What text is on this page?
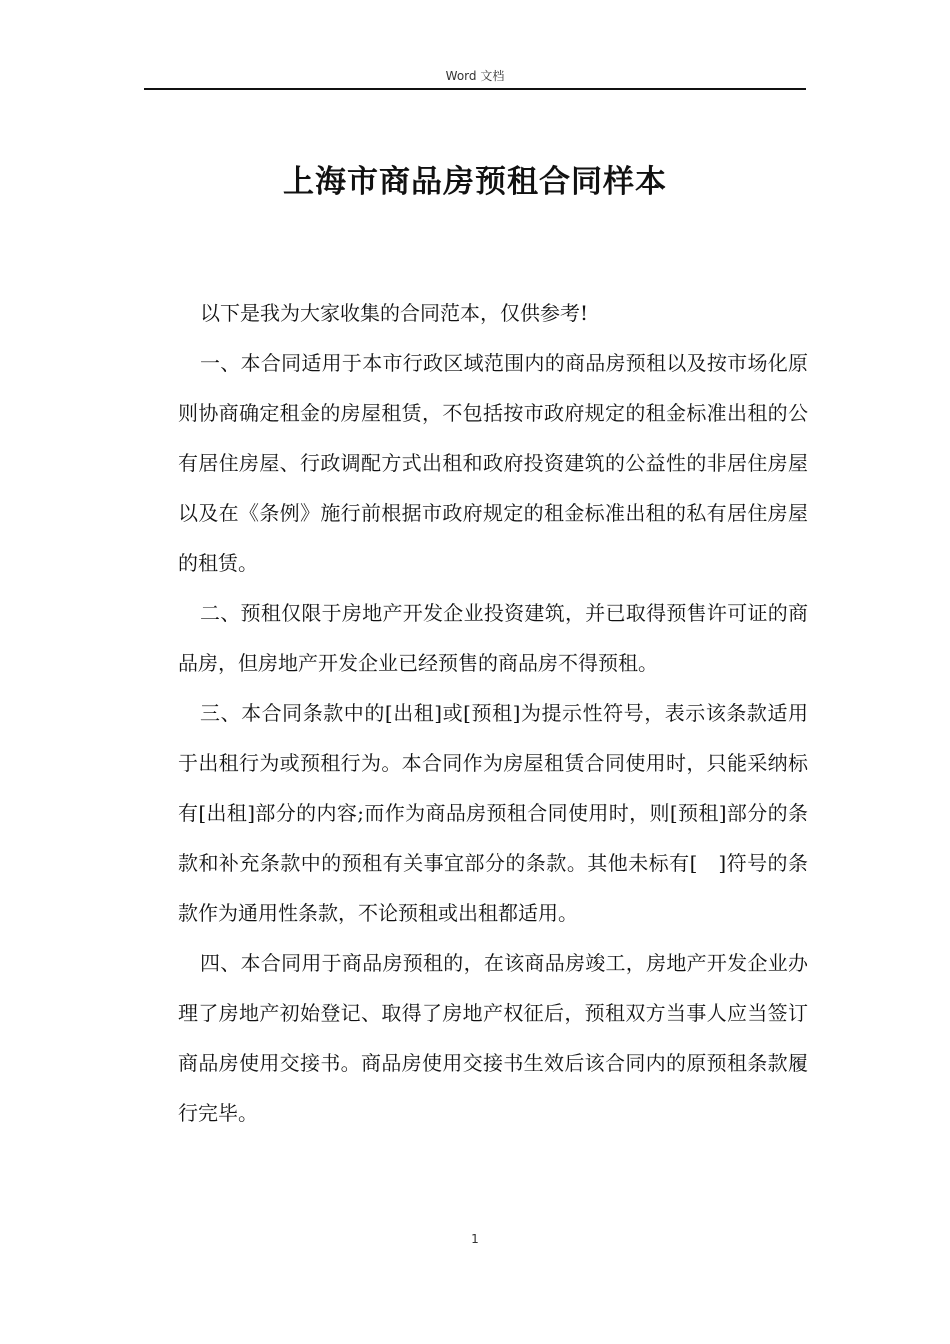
Word 文档
上海市商品房预租合同样本

以下是我为大家收集的合同范本，仅供参考!

一、本合同适用于本市行政区域范围内的商品房预租以及按市场化原则协商确定租金的房屋租赁，不包括按市政府规定的租金标准出租的公有居住房屋、行政调配方式出租和政府投资建筑的公益性的非居住房屋以及在《条例》施行前根据市政府规定的租金标准出租的私有居住房屋的租赁。

二、预租仅限于房地产开发企业投资建筑，并已取得预售许可证的商品房，但房地产开发企业已经预售的商品房不得预租。

三、本合同条款中的[出租]或[预租]为提示性符号，表示该条款适用于出租行为或预租行为。本合同作为房屋租赁合同使用时，只能采纳标有[出租]部分的内容;而作为商品房预租合同使用时，则[预租]部分的条款和补充条款中的预租有关事宜部分的条款。其他未标有[　]符号的条款作为通用性条款，不论预租或出租都适用。

四、本合同用于商品房预租的，在该商品房竣工，房地产开发企业办理了房地产初始登记、取得了房地产权征后，预租双方当事人应当签订商品房使用交接书。商品房使用交接书生效后该合同内的原预租条款履行完毕。

1
